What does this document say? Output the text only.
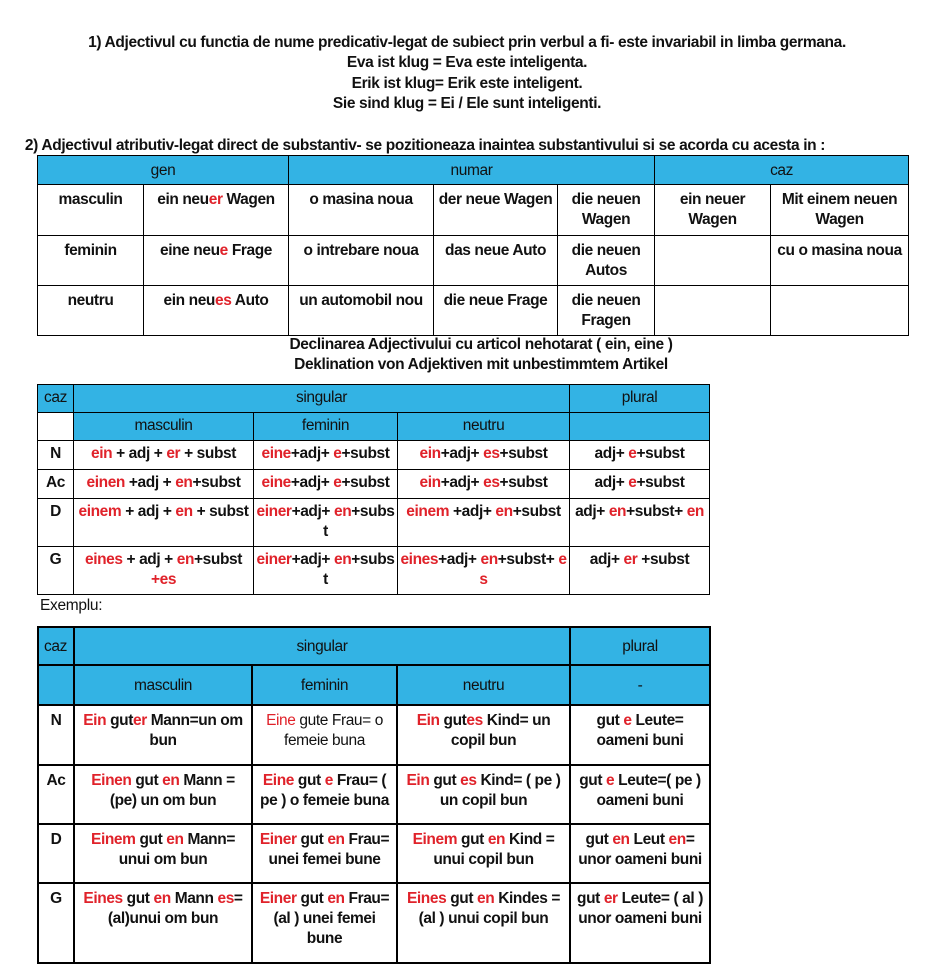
1) Adjectivul cu functia de nume predicativ-legat de subiect prin verbul a fi- este invariabil in limba germana.
Eva ist klug = Eva este inteligenta.
Erik ist klug= Erik este inteligent.
Sie sind klug = Ei / Ele sunt inteligenti.
2) Adjectivul atributiv-legat direct de substantiv- se pozitioneaza inaintea substantivului si se acorda cu acesta in :
gen		numar			caz	
masculin	ein neuer Wagen	o masina noua	der neue Wagen	die neuen Wagen	ein neuer Wagen	Mit einem neuen Wagen
feminin	eine neue Frage	o intrebare noua	das neue Auto	die neuen Autos		cu o masina noua
neutru	ein neues Auto	un automobil nou	die neue Frage	die neuen Fragen		
Declinarea Adjectivului cu articol nehotarat ( ein, eine )
Deklination von Adjektiven mit unbestimmtem Artikel
caz	singular			plural
	masculin	feminin	neutru	
N	ein + adj + er + subst	eine+adj+ e+subst	ein+adj+ es+subst	adj+ e+subst
Ac	einen +adj + en+subst	eine+adj+ e+subst	ein+adj+ es+subst	adj+ e+subst
D	einem + adj + en + subst	einer+adj+ en+subs t	einem +adj+ en+subst	adj+ en+subst+ en
G	eines + adj + en+subst +es	einer+adj+ en+subs t	eines+adj+ en+subst+ e s	adj+ er +subst
Exemplu:
caz	singular			plural
	masculin	feminin	neutru	-
N	Ein guter Mann=un om bun	Eine gute Frau= o femeie buna	Ein gutes Kind= un copil bun	gut e Leute= oameni buni
Ac	Einen gut en Mann = (pe) un om bun	Eine gut e Frau= ( pe ) o femeie buna	Ein gut es Kind= ( pe ) un copil bun	gut e Leute=( pe ) oameni buni
D	Einem gut en Mann= unui om bun	Einer gut en Frau= unei femei bune	Einem gut en Kind = unui copil bun	gut en Leut en= unor oameni buni
G	Eines gut en Mann es=(al)unui om bun	Einer gut en Frau= (al ) unei femei bune	Eines gut en Kindes = (al ) unui copil bun	gut er Leute= ( al ) unor oameni buni
